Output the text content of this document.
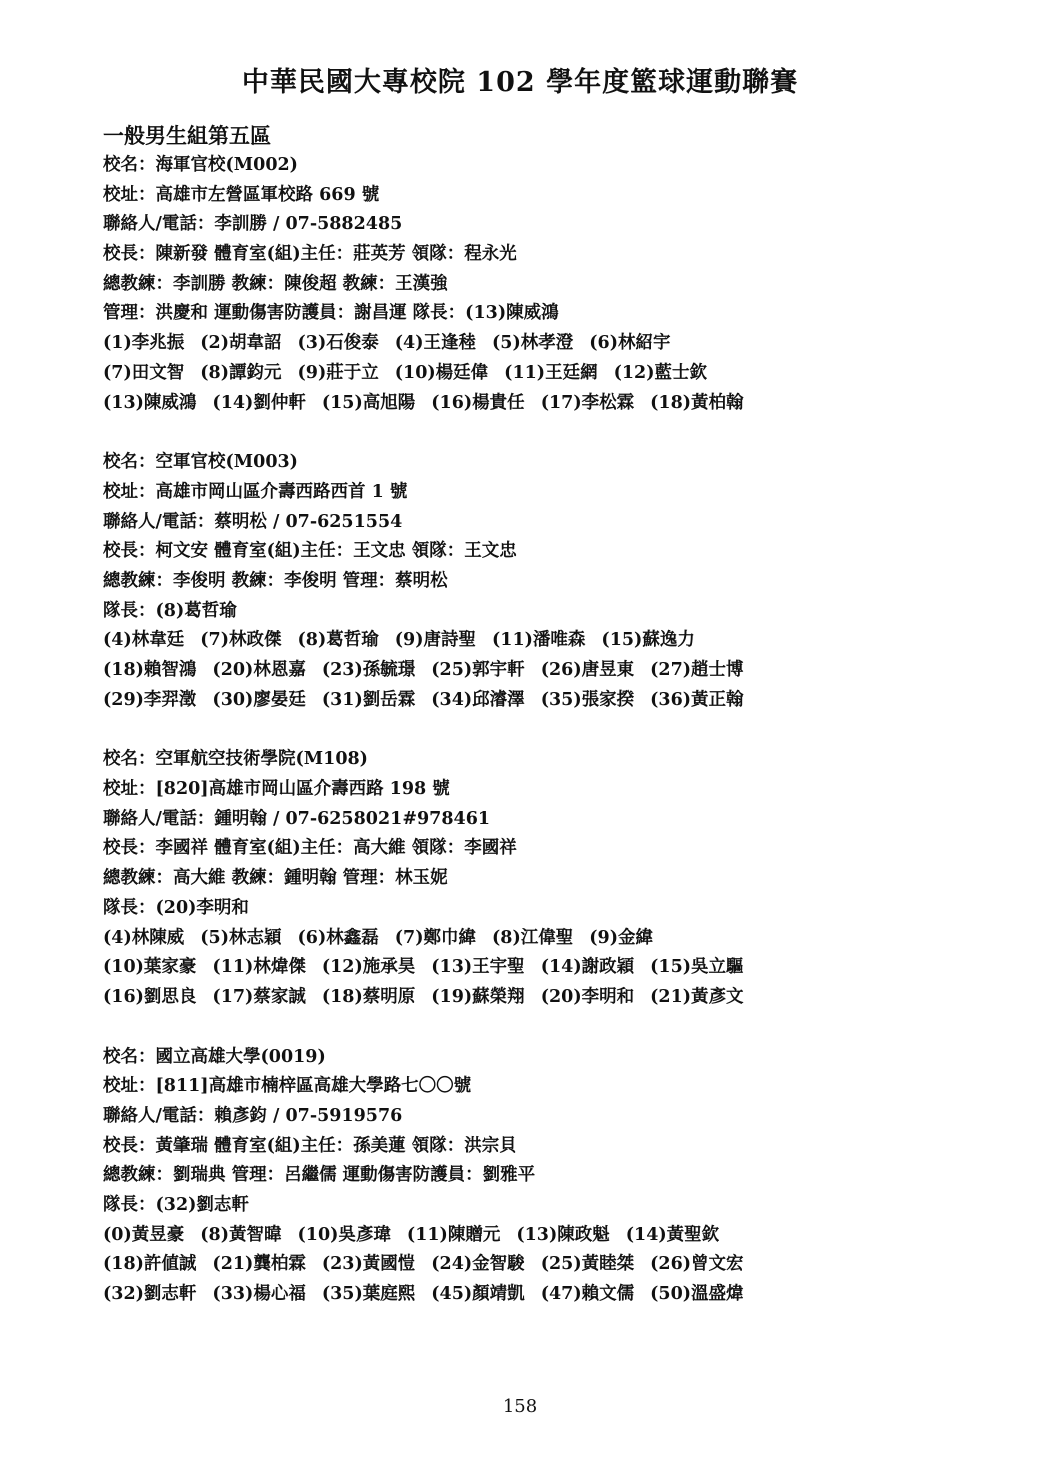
中華民國大專校院 102 學年度籃球運動聯賽
一般男生組第五區
校名：海軍官校(M002)
校址：高雄市左營區軍校路 669 號
聯絡人/電話：李訓勝 / 07-5882485
校長：陳新發 體育室(組)主任：莊英芳 領隊：程永光
總教練：李訓勝 教練：陳俊超 教練：王漢強
管理：洪慶和 運動傷害防護員：謝昌運 隊長：(13)陳威鴻
(1)李兆振 (2)胡韋詔 (3)石俊泰 (4)王逢稑 (5)林孝澄 (6)林紹宇
(7)田文智 (8)譚鈞元 (9)莊于立 (10)楊廷偉 (11)王廷網 (12)藍士欽
(13)陳威鴻 (14)劉仲軒 (15)高旭陽 (16)楊貴任 (17)李松霖 (18)黃柏翰
校名：空軍官校(M003)
校址：高雄市岡山區介壽西路西首 1 號
聯絡人/電話：蔡明松 / 07-6251554
校長：柯文安 體育室(組)主任：王文忠 領隊：王文忠
總教練：李俊明 教練：李俊明 管理：蔡明松
隊長：(8)葛哲瑜
(4)林韋廷 (7)林政傑 (8)葛哲瑜 (9)唐詩聖 (11)潘唯森 (15)蘇逸力
(18)賴智鴻 (20)林恩嘉 (23)孫毓璟 (25)郭宇軒 (26)唐昱東 (27)趙士博
(29)李羿澂 (30)廖晏廷 (31)劉岳霖 (34)邱濬澤 (35)張家揆 (36)黃正翰
校名：空軍航空技術學院(M108)
校址：[820]高雄市岡山區介壽西路 198 號
聯絡人/電話：鍾明翰 / 07-6258021#978461
校長：李國祥 體育室(組)主任：高大維 領隊：李國祥
總教練：高大維 教練：鍾明翰 管理：林玉妮
隊長：(20)李明和
(4)林陳威 (5)林志穎 (6)林鑫磊 (7)鄭巾緯 (8)江偉聖 (9)金緯
(10)葉家豪 (11)林煒傑 (12)施承昊 (13)王宇聖 (14)謝政穎 (15)吳立驅
(16)劉思良 (17)蔡家誠 (18)蔡明原 (19)蘇榮翔 (20)李明和 (21)黃彥文
校名：國立高雄大學(0019)
校址：[811]高雄市楠梓區高雄大學路七〇〇號
聯絡人/電話：賴彥鈞 / 07-5919576
校長：黃肇瑞 體育室(組)主任：孫美蓮 領隊：洪宗貝
總教練：劉瑞典 管理：呂繼儒 運動傷害防護員：劉雅平
隊長：(32)劉志軒
(0)黃昱豪 (8)黃智暐 (10)吳彥瑋 (11)陳贈元 (13)陳政魁 (14)黃聖欽
(18)許値誠 (21)龔柏霖 (23)黃國愷 (24)金智駿 (25)黃睦桀 (26)曾文宏
(32)劉志軒 (33)楊心福 (35)葉庭熙 (45)顏靖凱 (47)賴文儒 (50)溫盛煒
158
